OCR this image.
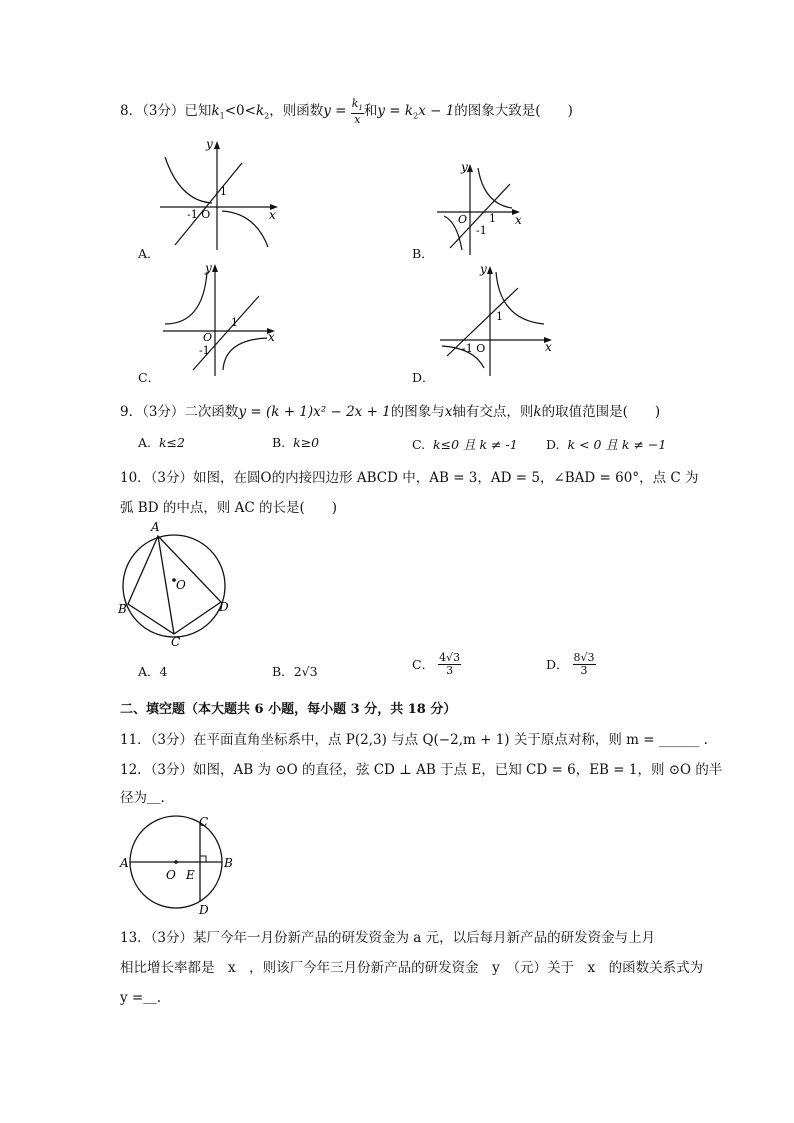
8．（3分）已知$k_1<0<k_2$，则函数$y = \frac{k_1}{x}$ 和$y = k_2x - 1$的图象大致是(　　)
y
x
1
-1 O
A．
y
x
O 1
-1
B．
y
x
O
1
-1
C．
y
x
1
-1 O
D．
9．（3分）二次函数y = (k + 1)x² − 2x + 1的图象与x轴有交点，则k的取值范围是(　　)
A. k≤2	B. k≥0	C. k≤0 且 k ≠ -1 D. k < 0 且 k ≠ −1
10．（3分）如图，在圆O的内接四边形 ABCD 中，AB = 3，AD = 5，∠BAD = 60°，点 C 为
弧 BD 的中点，则 AC 的长是(　　)
A
B
C
D
O
A．4	B．2√3	C． $\frac{4√3}{3}$	D． $\frac{8√3}{3}$
二、填空题（本大题共 6 小题，每小题 3 分，共 18 分）
11．（3分）在平面直角坐标系中，点 P(2,3) 与点 Q(−2,m + 1) 关于原点对称，则 m = ______ .
12．（3分）如图，AB 为 ⊙O 的直径，弦 CD ⊥ AB 于点 E，已知 CD = 6，EB = 1，则 ⊙O 的半
径为＿.
A	B
C
D
O E
13．（3分）某厂今年一月份新产品的研发资金为 a 元，以后每月新产品的研发资金与上月
相比增长率都是　x　，则该厂今年三月份新产品的研发资金　y　（元）关于　x　的函数关系式为
y =＿.
